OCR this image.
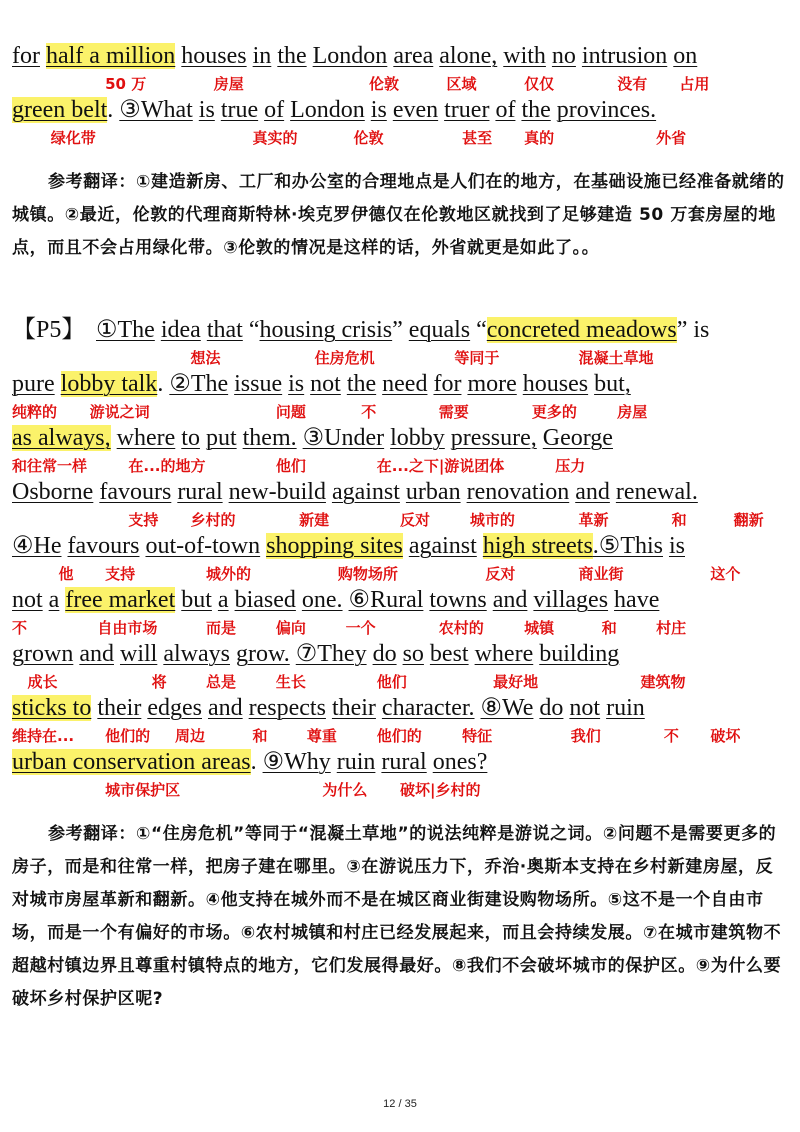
for half a million houses in the London area alone, with no intrusion on
50 万	房屋	伦敦	区域	仅仅	没有 占用
green belt. ③What is true of London is even truer of the provinces.
绿化带	真实的	伦敦	甚至 真的	外省
参考翻译：①建造新房、工厂和办公室的合理地点是人们在的地方，在基础设施已经准备就绪的城镇。②最近，伦敦的代理商斯特林·埃克罗伊德仅在伦敦地区就找到了足够建造 50 万套房屋的地点，而且不会占用绿化带。③伦敦的情况是这样的话，外省就更是如此了。。
【P5】 ①The idea that “housing crisis” equals “concreted meadows” is
想法	住房危机	等同于	混凝土草地
pure lobby talk. ②The issue is not the need for more houses but,
纯粹的 游说之词	问题	不	需要	更多的	房屋
as always, where to put them. ③Under lobby pressure, George
和往常一样	在...的地方	他们	在...之下|游说团体	压力
Osborne favours rural new-build against urban renovation and renewal.
支持 乡村的	新建	反对	城市的	革新	和	翻新
④He favours out-of-town shopping sites against high streets.⑤This is
他 支持	城外的	购物场所	反对	商业街	这个
not a free market but a biased one. ⑥Rural towns and villages have
不	自由市场	而是	偏向	一个	农村的	城镇	和	村庄
grown and will always grow. ⑦They do so best where building
成长	将	总是	生长	他们	最好地	建筑物
sticks to their edges and respects their character. ⑧We do not ruin
维持在... 他们的 周边	和	尊重	他们的	特征	我们	不 破坏
urban conservation areas. ⑨Why ruin rural ones?
城市保护区	为什么 破坏|乡村的
参考翻译：①“住房危机”等同于“混凝土草地”的说法纯粹是游说之词。②问题不是需要更多的房子，而是和往常一样，把房子建在哪里。③在游说压力下，乔治·奥斯本支持在乡村新建房屋，反对城市房屋革新和翻新。④他支持在城外而不是在城区商业街建设购物场所。⑤这不是一个自由市场，而是一个有偏好的市场。⑥农村城镇和村庄已经发展起来，而且会持续发展。⑦在城市建筑物不超越村镇边界且尊重村镇特点的地方，它们发展得最好。⑧我们不会破坏城市的保护区。⑨为什么要破坏乡村保护区呢?
12 / 35
